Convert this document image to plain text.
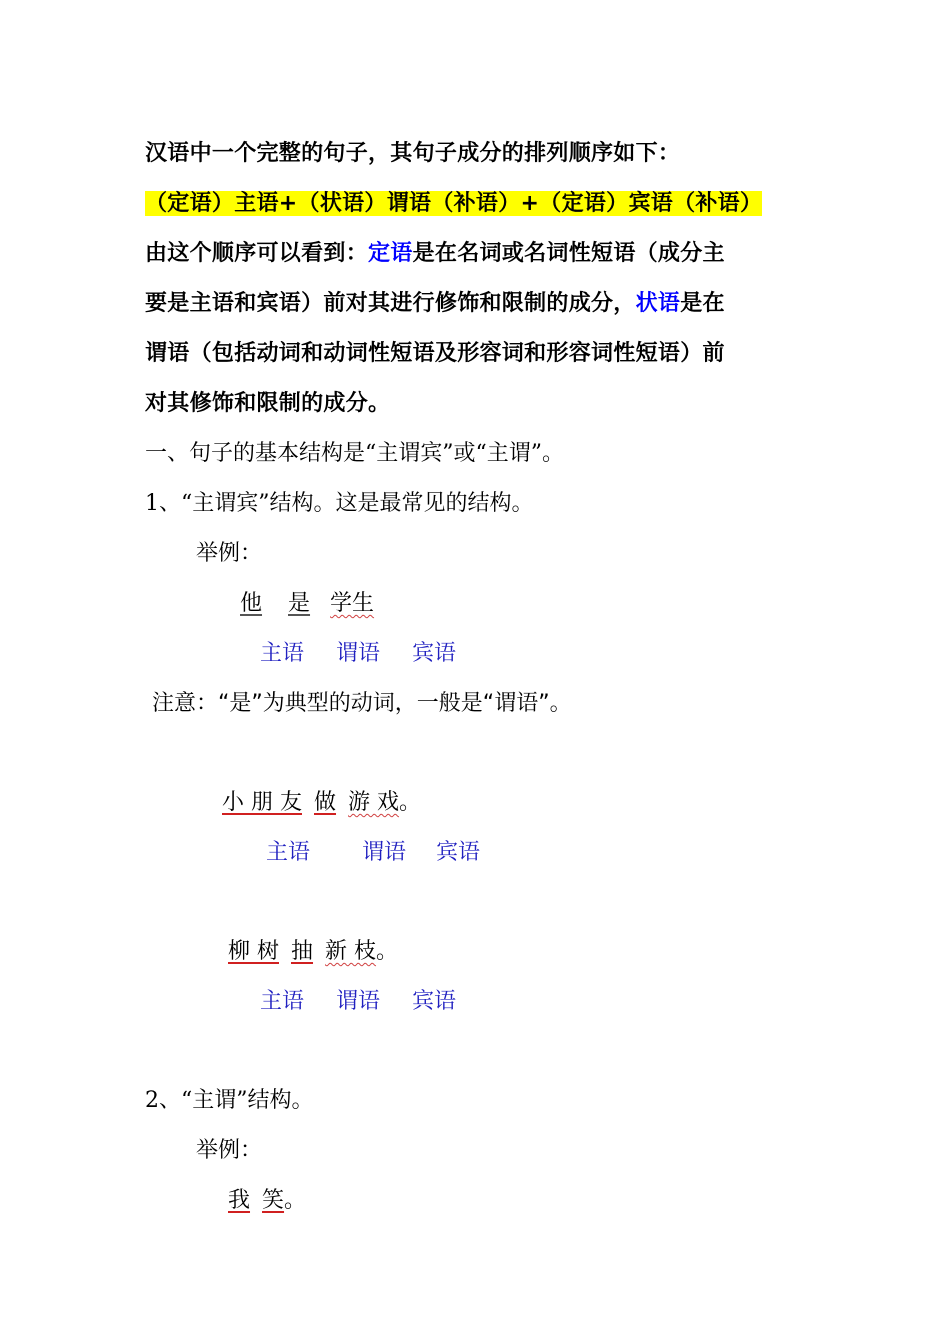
汉语中一个完整的句子，其句子成分的排列顺序如下：
（定语）主语+（状语）谓语（补语）+（定语）宾语（补语）
由这个顺序可以看到：定语是在名词或名词性短语（成分主
要是主语和宾语）前对其进行修饰和限制的成分，状语是在
谓语（包括动词和动词性短语及形容词和形容词性短语）前
对其修饰和限制的成分。
一、句子的基本结构是“主谓宾”或“主谓”。
1、“主谓宾”结构。这是最常见的结构。
举例：
他 是 学生
主语 谓语 宾语
注意：“是”为典型的动词，一般是“谓语”。
小 朋 友 做 游 戏。
主语 谓语 宾语
柳 树 抽 新 枝。
主语 谓语 宾语
2、“主谓”结构。
举例：
我 笑。
